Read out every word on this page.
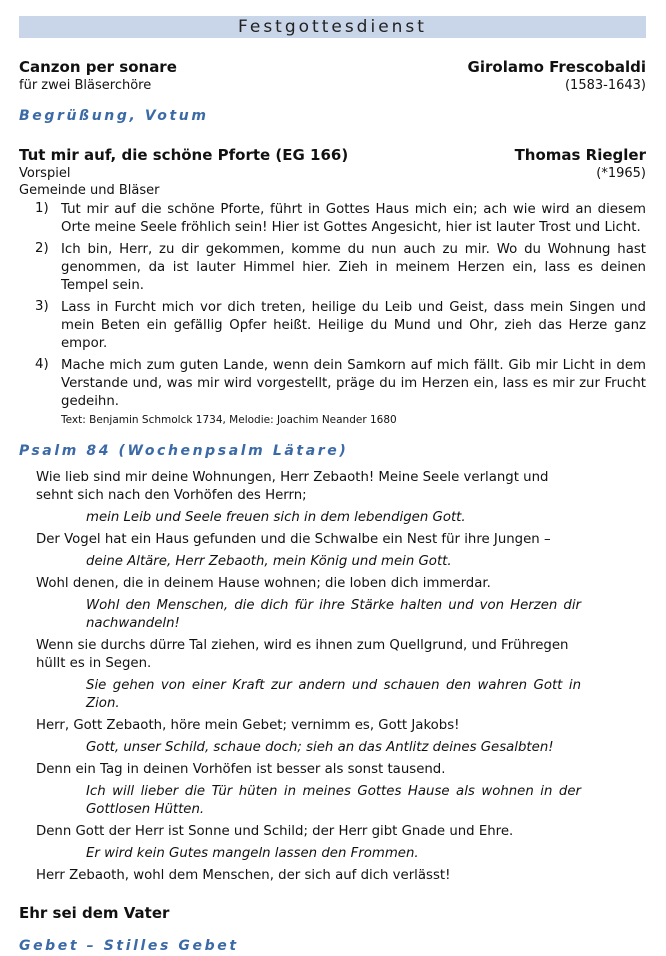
Festgottesdienst
Canzon per sonare	Girolamo Frescobaldi
für zwei Bläserchöre	(1583-1643)
Begrüßung, Votum
Tut mir auf, die schöne Pforte (EG 166)	Thomas Riegler
Vorspiel	(*1965)
Gemeinde und Bläser
1) Tut mir auf die schöne Pforte, führt in Gottes Haus mich ein; ach wie wird an diesem Orte meine Seele fröhlich sein! Hier ist Gottes Angesicht, hier ist lauter Trost und Licht.
2) Ich bin, Herr, zu dir gekommen, komme du nun auch zu mir. Wo du Wohnung hast genommen, da ist lauter Himmel hier. Zieh in meinem Herzen ein, lass es deinen Tempel sein.
3) Lass in Furcht mich vor dich treten, heilige du Leib und Geist, dass mein Singen und mein Beten ein gefällig Opfer heißt. Heilige du Mund und Ohr, zieh das Herze ganz empor.
4) Mache mich zum guten Lande, wenn dein Samkorn auf mich fällt. Gib mir Licht in dem Verstande und, was mir wird vorgestellt, präge du im Herzen ein, lass es mir zur Frucht gedeihn.
Text: Benjamin Schmolck 1734, Melodie: Joachim Neander 1680
Psalm 84 (Wochenpsalm Lätare)
Wie lieb sind mir deine Wohnungen, Herr Zebaoth! Meine Seele verlangt und sehnt sich nach den Vorhöfen des Herrn;
mein Leib und Seele freuen sich in dem lebendigen Gott.
Der Vogel hat ein Haus gefunden und die Schwalbe ein Nest für ihre Jungen –
deine Altäre, Herr Zebaoth, mein König und mein Gott.
Wohl denen, die in deinem Hause wohnen; die loben dich immerdar.
Wohl den Menschen, die dich für ihre Stärke halten und von Herzen dir nachwandeln!
Wenn sie durchs dürre Tal ziehen, wird es ihnen zum Quellgrund, und Frühregen hüllt es in Segen.
Sie gehen von einer Kraft zur andern und schauen den wahren Gott in Zion.
Herr, Gott Zebaoth, höre mein Gebet; vernimm es, Gott Jakobs!
Gott, unser Schild, schaue doch; sieh an das Antlitz deines Gesalbten!
Denn ein Tag in deinen Vorhöfen ist besser als sonst tausend.
Ich will lieber die Tür hüten in meines Gottes Hause als wohnen in der Gottlosen Hütten.
Denn Gott der Herr ist Sonne und Schild; der Herr gibt Gnade und Ehre.
Er wird kein Gutes mangeln lassen den Frommen.
Herr Zebaoth, wohl dem Menschen, der sich auf dich verlässt!
Ehr sei dem Vater
Gebet – Stilles Gebet
